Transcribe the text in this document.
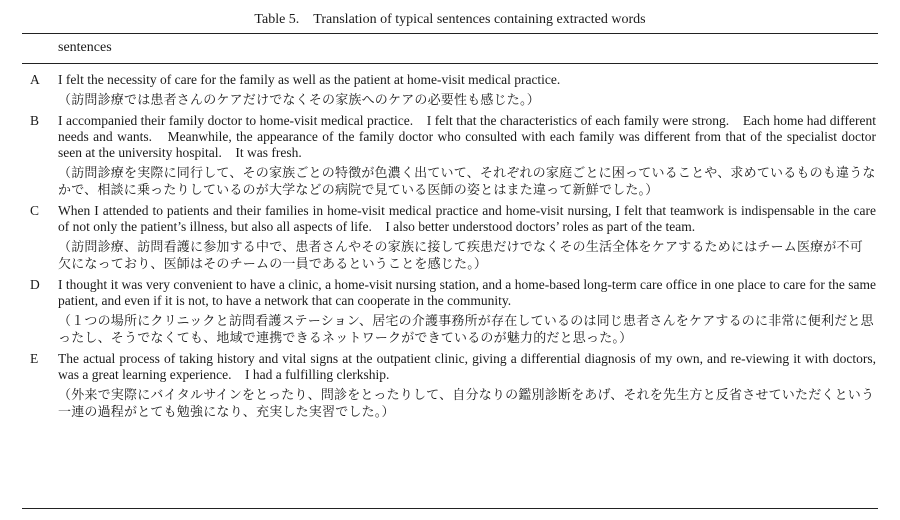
Table 5.　Translation of typical sentences containing extracted words
sentences
A I felt the necessity of care for the family as well as the patient at home-visit medical practice.

（訪問診療では患者さんのケアだけでなくその家族へのケアの必要性も感じた。）

B I accompanied their family doctor to home-visit medical practice.　I felt that the characteristics of each family were strong.　Each home had different needs and wants.　Meanwhile, the appearance of the family doctor who consulted with each family was different from that of the specialist doctor seen at the university hospital.　It was fresh.

（訪問診療を実際に同行して、その家族ごとの特徴が色濃く出ていて、それぞれの家庭ごとに困っていることや、求めているものも違うなかで、相談に乗ったりしているのが大学などの病院で見ている医師の姿とはまた違って新鮮でした。）

C When I attended to patients and their families in home-visit medical practice and home-visit nursing, I felt that teamwork is indispensable in the care of not only the patient’s illness, but also all aspects of life.　I also better understood doctors’ roles as part of the team.

（訪問診療、訪問看護に参加する中で、患者さんやその家族に接して疾患だけでなくその生活全体をケアするためにはチーム医療が不可欠になっており、医師はそのチームの一員であるということを感じた。）

D I thought it was very convenient to have a clinic, a home-visit nursing station, and a home-based long-term care office in one place to care for the same patient, and even if it is not, to have a network that can cooperate in the community.

（１つの場所にクリニックと訪問看護ステーション、居宅の介護事務所が存在しているのは同じ患者さんをケアするのに非常に便利だと思ったし、そうでなくても、地域で連携できるネットワークができているのが魅力的だと思った。）

E The actual process of taking history and vital signs at the outpatient clinic, giving a differential diagnosis of my own, and re-viewing it with doctors, was a great learning experience.　I had a fulfilling clerkship.

（外来で実際にバイタルサインをとったり、問診をとったりして、自分なりの鑑別診断をあげ、それを先生方と反省させていただくという一連の過程がとても勉強になり、充実した実習でした。）
